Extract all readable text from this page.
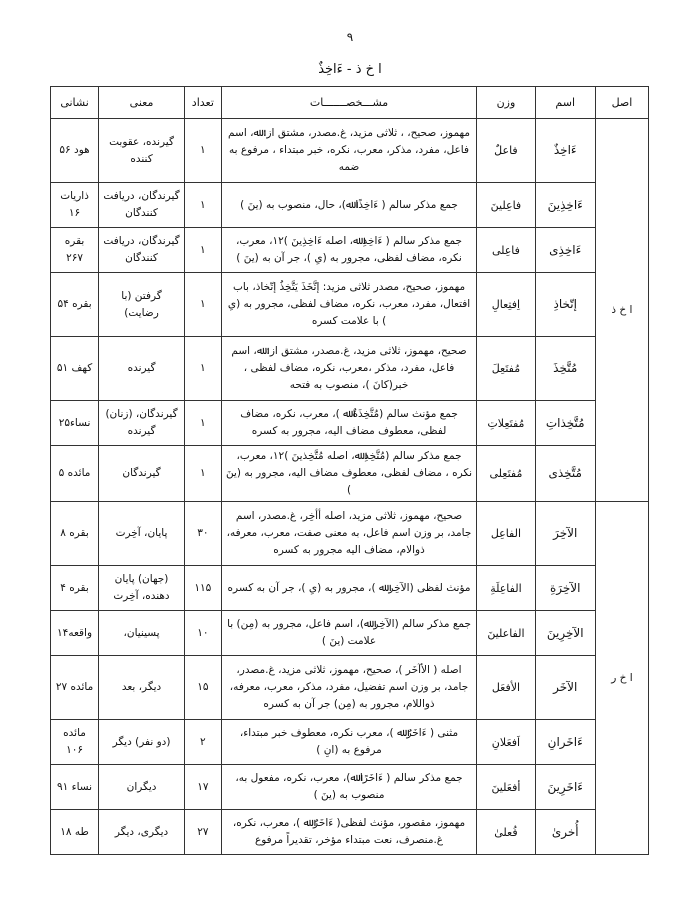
۹
ا خ ذ - ءَاخِذٌ
اصل	اسم	وزن	مشـــخصـــــــات	تعداد	معنی	نشانی
ا خ ذ	ءَاخِذٌ	فاعلٌ	مهموز، صحیح، ، ثلاثی مزید، غ.مصدر، مشتق از: ﷲ، اسم فاعل، مفرد، مذکر، معرب، نکره، خبر مبتداء ، مرفوع به ضمه	۱	گیرنده، عقوبت کننده	هود ۵۶
	ءَاخِذِینَ	فاعِلینَ	جمع مذکر سالم ( ءَاخِذًا ﷲ)، حال، منصوب به (ینَ )	۱	گیرندگان، دریافت کنندگان	ذاریات ۱۶
	ءَاخِذِی	فاعِلی	جمع مذکر سالم ( ءَاخِذِ ﷲ، اصله ءَاخِذِینَ )۱۲، معرب، نکره، مضاف لفظی، مجرور به (یِ )، جر آن به (ینَ )	۱	گیرندگان، دریافت کنندگان	بقره ۲۶۷
	إتّخاذِ	اِفتِعالِ	مهموز، صحیح، مصدر ثلاثی مزید: إتَّخَذَ یَتَّخِذُ إتّخاذ، باب افتعال، مفرد، معرب، نکره، مضاف لفظی، مجرور به (یِ ) با علامت کسره	۱	گرفتن (با رضایت)	بقره ۵۴
	مُتَّخِذَ	مُفتَعِلَ	صحیح، مهموز، ثلاثی مزید، غ.مصدر، مشتق از: ﷲ، اسم فاعل، مفرد، مذکر ،معرب، نکره، مضاف لفظی ، خبر(کانَ )، منصوب به فتحه	۱	گیرنده	کهف ۵۱
	مُتَّخِذاتِ	مُفتَعِلاتِ	جمع مؤنث سالم (مُتَّخِذَةٌ ﷲ )، معرب، نکره، مضاف لفظی، معطوف مضاف الیه، مجرور به کسره	۱	گیرندگان، (زنان) گیرنده	نساء۲۵
	مُتَّخِذی	مُفتَعِلی	جمع مذکر سالم (مُتَّخِذِ ﷲ، اصله مُتَّخِذینَ )۱۲، معرب، نکره ، مضاف لفظی، معطوف مضاف الیه، مجرور به (ینَ )	۱	گیرندگان	مائده ۵
ا خ ر	الآخِرَ	الفاعِل	صحیح، مهموز، ثلاثی مزید، اصله أأخِر، غ.مصدر، اسم جامد، بر وزن اسم فاعل، به معنی صفت، معرب، معرفه، ذوالام، مضاف الیه مجرور به کسره	۳۰	پایان، آخِرت	بقره ۸
	الآخِرَةِ	الفاعِلَةِ	مؤنث لفظی (الآخِر ﷲ )، مجرور به (یِ )، جر آن به کسره	۱۱۵	(جهان) پایان دهنده، آخِرت	بقره ۴
	الآخِرِینَ	الفاعلینَ	جمع مذکر سالم (الآخِر ﷲ)، اسم فاعل، مجرور به (مِن) با علامت (ینَ )	۱۰	پسینیان،	واقعه۱۴
	الآخَر	الأفعَل	اصله ( الأآخَر )، صحیح، مهموز، ثلاثی مزید، غ.مصدر، جامد، بر وزن اسم تفضیل، مفرد، مذکر، معرب، معرفه، ذواللام، مجرور به (مِن) جر آن به کسره	۱۵	دیگر، بعد	مائده ۲۷
	ءَاخَرانِ	اَفعَلانِ	مثنی ( ءَاخَرُ ﷲ )، معرب نکره، معطوف خبر مبتداء، مرفوع به (انِ )	۲	(دو نفر) دیگر	مائده ۱۰۶
	ءَاخَرِینَ	أفعَلینَ	جمع مذکر سالم ( ءَاخَرًا ﷲ)، معرب، نکره، مفعول به، منصوب به (ینَ )	۱۷	دیگران	نساء ۹۱
	أُخرىٰ	فُعلىٰ	مهموز، مقصور، مؤنث لفظی( ءَاخَرُ ﷲ )، معرب، نکره، غ.منصرف، نعت مبتداء مؤخر، تقدیراً مرفوع	۲۷	دیگری، دیگر	طه ۱۸
